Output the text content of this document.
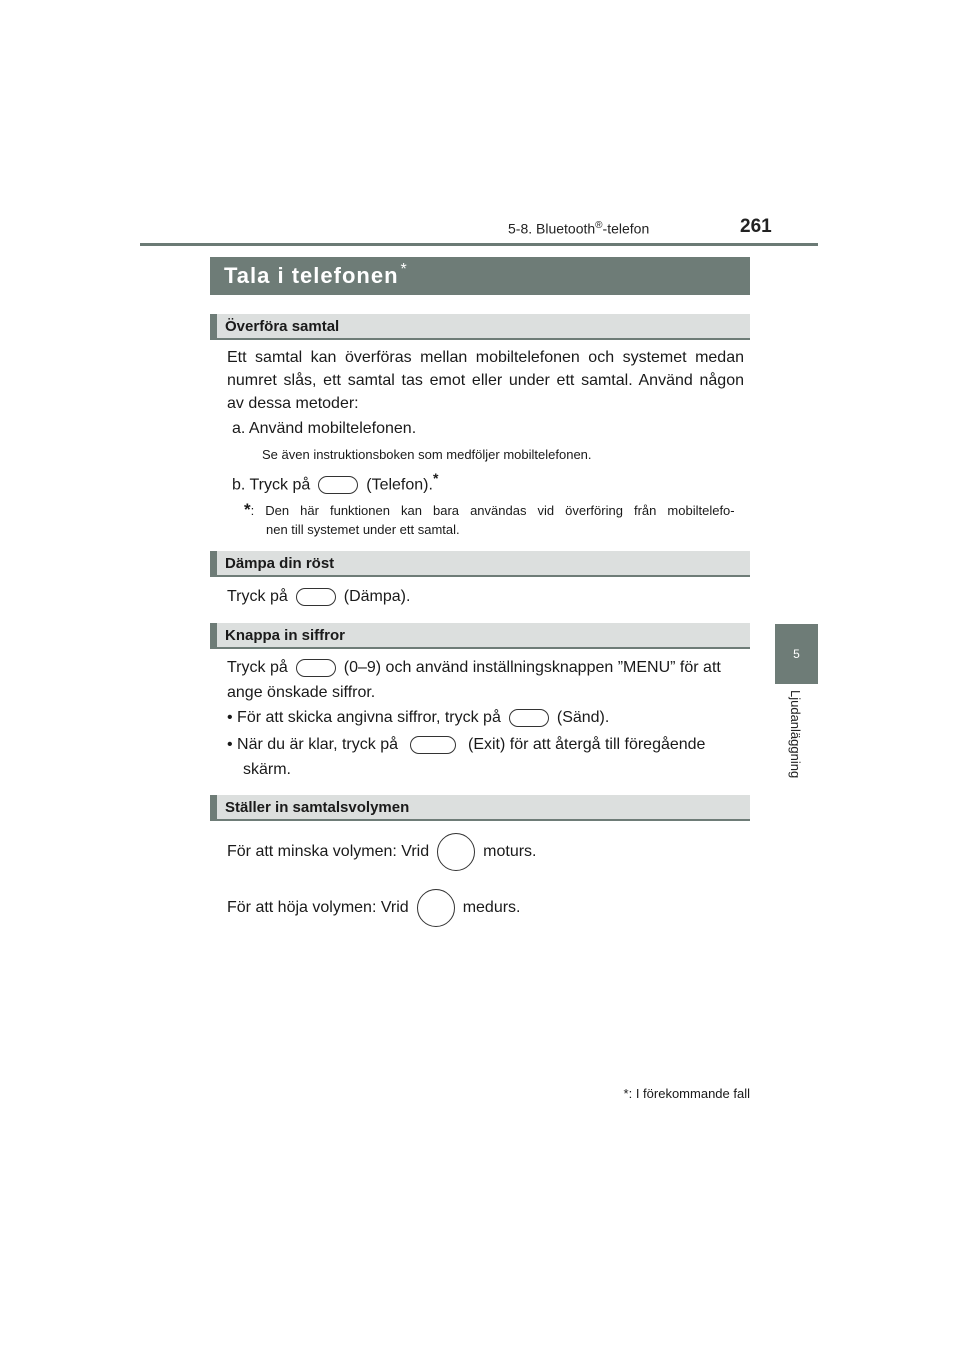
5-8. Bluetooth®-telefon	261
5
Ljudanläggning
Tala i telefonen *
Överföra samtal
Ett samtal kan överföras mellan mobiltelefonen och systemet medan
numret slås, ett samtal tas emot eller under ett samtal. Använd någon
av dessa metoder:
a. Använd mobiltelefonen.
Se även instruktionsboken som medföljer mobiltelefonen.
b. Tryck på	(Telefon).*
*: Den här funktionen kan bara användas vid överföring från mobiltelefo-
nen till systemet under ett samtal.
Dämpa din röst
Tryck på	(Dämpa).
Knappa in siffror
Tryck på	(0–9) och använd inställningsknappen ”MENU” för att
ange önskade siffror.
• För att skicka angivna siffror, tryck på	(Sänd).
• När du är klar, tryck på	(Exit) för att återgå till föregående
skärm.
Ställer in samtalsvolymen
För att minska volymen: Vrid	moturs.
För att höja volymen: Vrid	medurs.
*: I förekommande fall
